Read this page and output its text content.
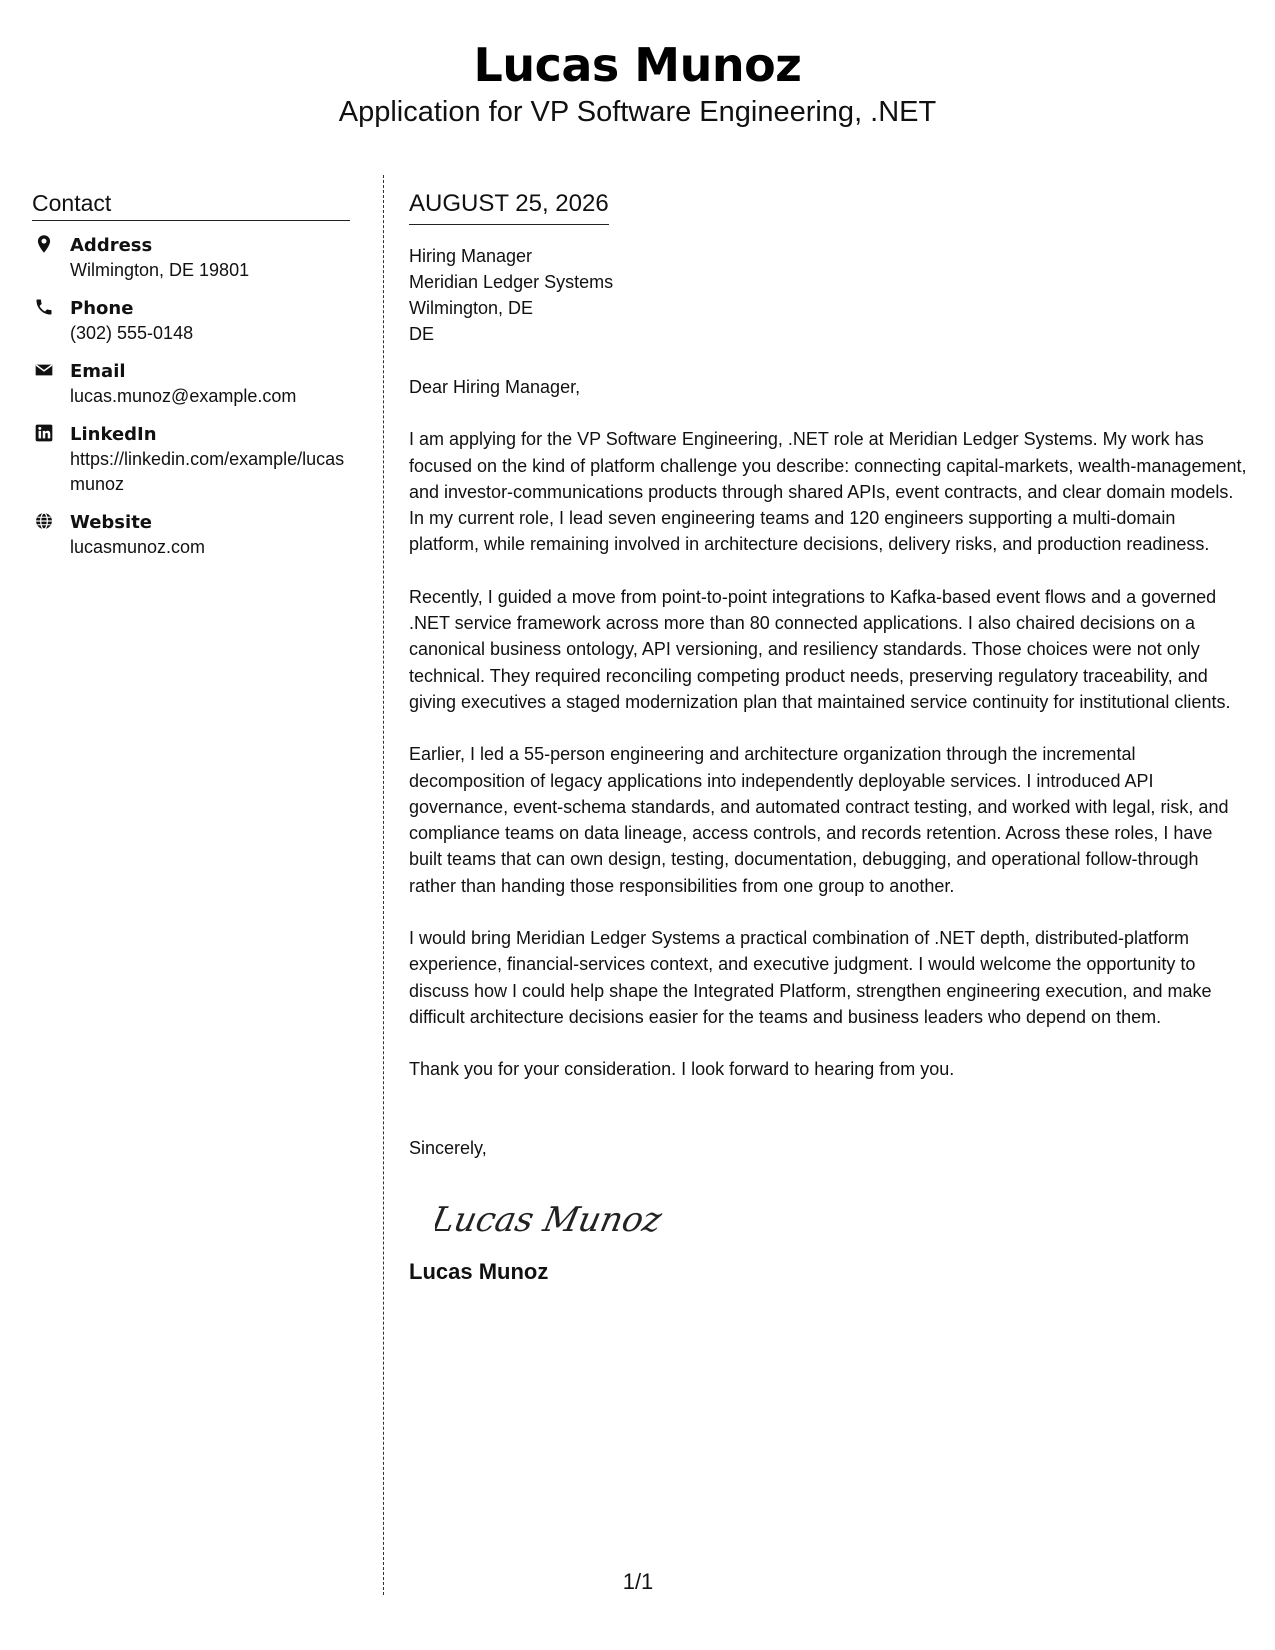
Lucas Munoz
Application for VP Software Engineering, .NET
Contact
Address
Wilmington, DE 19801
Phone
(302) 555-0148
Email
lucas.munoz@example.com
LinkedIn
https://linkedin.com/example/lucasmunoz
Website
lucasmunoz.com
AUGUST 25, 2026
Hiring Manager
Meridian Ledger Systems
Wilmington, DE
DE

Dear Hiring Manager,

I am applying for the VP Software Engineering, .NET role at Meridian Ledger Systems. My work has focused on the kind of platform challenge you describe: connecting capital-markets, wealth-management, and investor-communications products through shared APIs, event contracts, and clear domain models. In my current role, I lead seven engineering teams and 120 engineers supporting a multi-domain platform, while remaining involved in architecture decisions, delivery risks, and production readiness.

Recently, I guided a move from point-to-point integrations to Kafka-based event flows and a governed .NET service framework across more than 80 connected applications. I also chaired decisions on a canonical business ontology, API versioning, and resiliency standards. Those choices were not only technical. They required reconciling competing product needs, preserving regulatory traceability, and giving executives a staged modernization plan that maintained service continuity for institutional clients.

Earlier, I led a 55-person engineering and architecture organization through the incremental decomposition of legacy applications into independently deployable services. I introduced API governance, event-schema standards, and automated contract testing, and worked with legal, risk, and compliance teams on data lineage, access controls, and records retention. Across these roles, I have built teams that can own design, testing, documentation, debugging, and operational follow-through rather than handing those responsibilities from one group to another.

I would bring Meridian Ledger Systems a practical combination of .NET depth, distributed-platform experience, financial-services context, and executive judgment. I would welcome the opportunity to discuss how I could help shape the Integrated Platform, strengthen engineering execution, and make difficult architecture decisions easier for the teams and business leaders who depend on them.

Thank you for your consideration. I look forward to hearing from you.

Sincerely,

Lucas Munoz
Lucas Munoz
1/1
